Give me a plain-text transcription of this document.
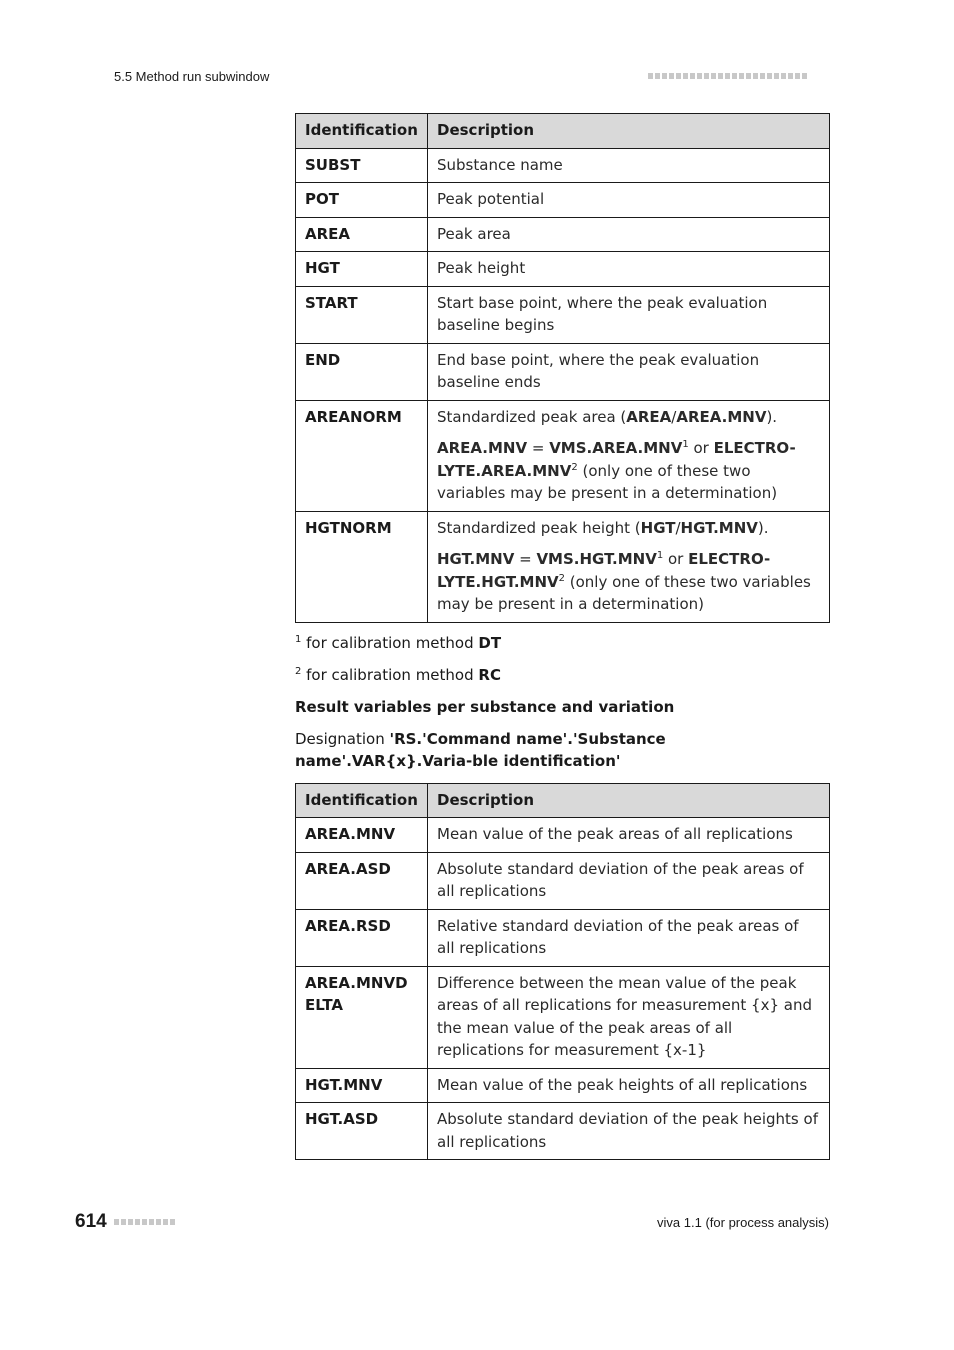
5.5 Method run subwindow
Identification	Description
SUBST	Substance name
POT	Peak potential
AREA	Peak area
HGT	Peak height
START	Start base point, where the peak evaluation baseline begins
END	End base point, where the peak evaluation baseline ends
AREANORM	Standardized peak area (AREA/AREA.MNV).

AREA.MNV = $VMS.AREA.MNV^1$ or ELECTRO-LYTE.AREA.MNV$^2$ (only one of these two variables may be present in a determination)

HGTNORM	Standardized peak height (HGT/HGT.MNV).

$HGT.MNV = VMS.HGT.MNV^1$ or ELECTRO-LYTE.HGT.MNV$^2$ (only one of these two variables may be present in a determination)

$^1$ for calibration method DT

$^2$ for calibration method RC

Result variables per substance and variation
Designation 'RS.'Command name'.'Substance name'.VAR{x}.Varia-ble identification'
Identification	Description
AREA.MNV	Mean value of the peak areas of all replications
AREA.ASD	Absolute standard deviation of the peak areas of all replications
AREA.RSD	Relative standard deviation of the peak areas of all replications
AREA.MNVD ELTA	Difference between the mean value of the peak areas of all replications for measurement {x} and the mean value of the peak areas of all replications for measurement {x-1}
HGT.MNV	Mean value of the peak heights of all replications
HGT.ASD	Absolute standard deviation of the peak heights of all replications
614	viva 1.1 (for process analysis)
